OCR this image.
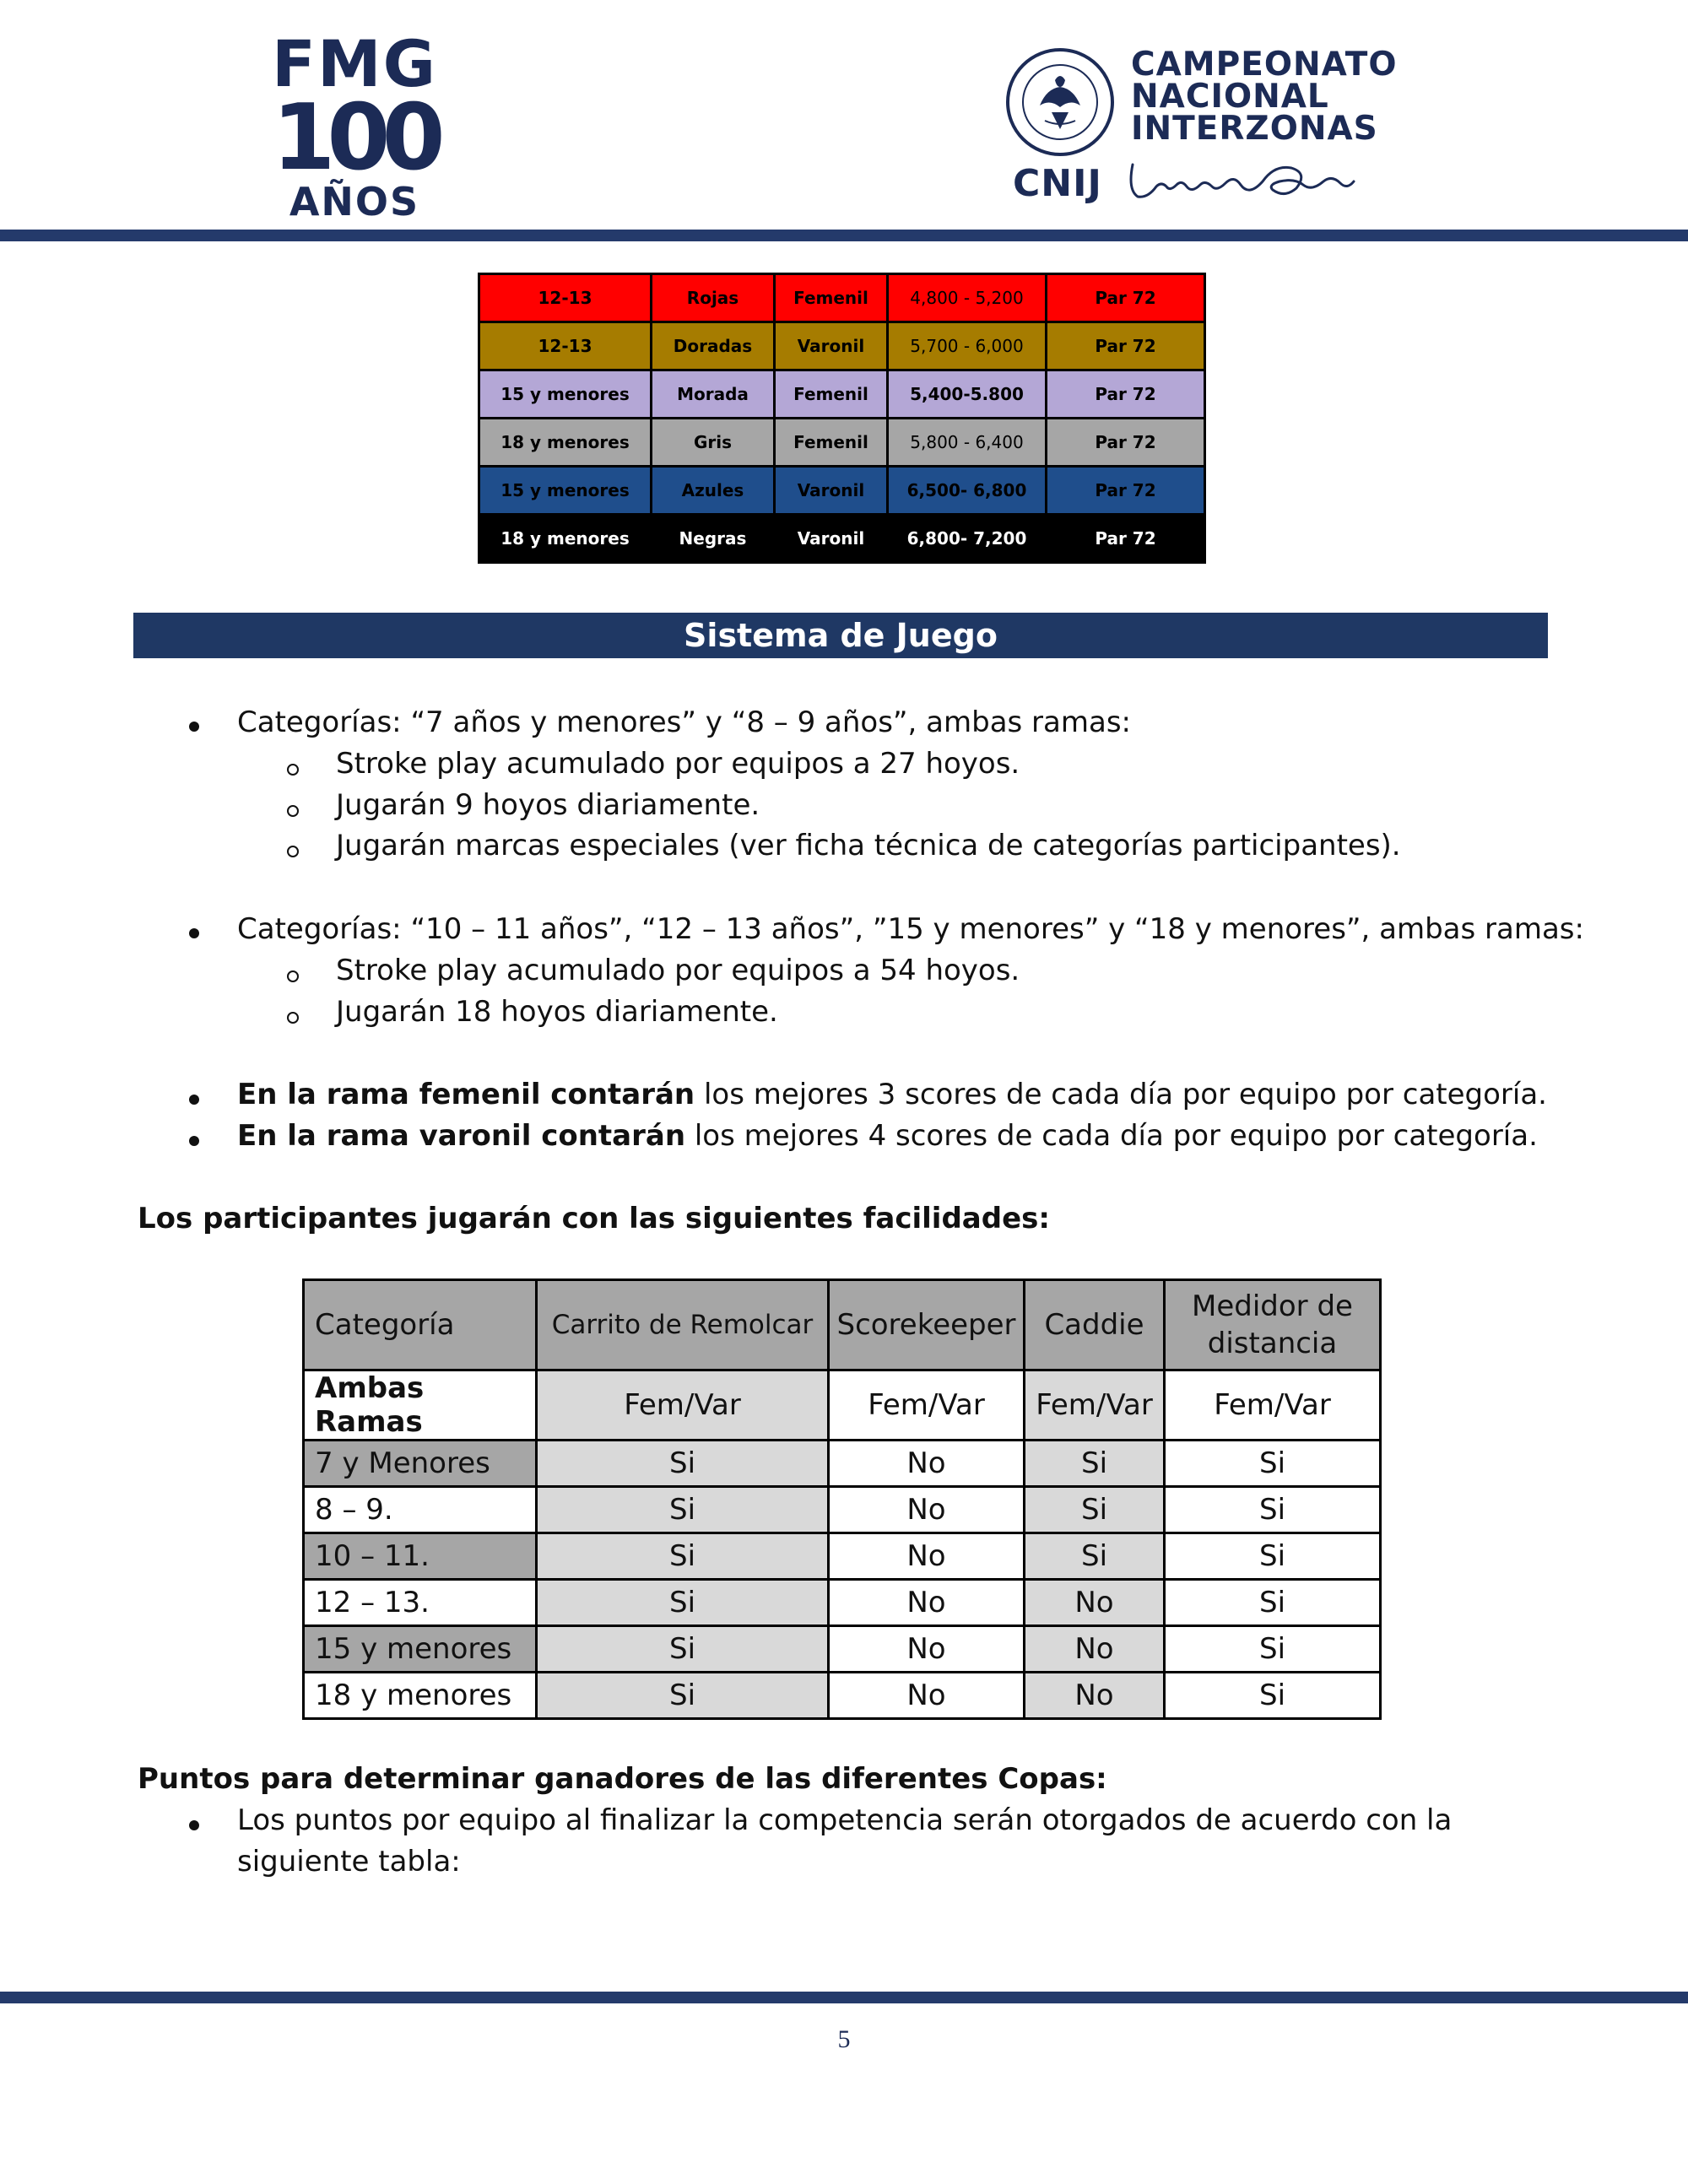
FMG
100
AÑOS
CAMPEONATO
NACIONAL
INTERZONAS
CNIJ
12-13	Rojas	Femenil	4,800 - 5,200	Par 72
12-13	Doradas	Varonil	5,700 - 6,000	Par 72
15 y menores	Morada	Femenil	5,400-5.800	Par 72
18 y menores	Gris	Femenil	5,800 - 6,400	Par 72
15 y menores	Azules	Varonil	6,500- 6,800	Par 72
18 y menores	Negras	Varonil	6,800- 7,200	Par 72
Sistema de Juego
Categorías: “7 años y menores” y “8 – 9 años”, ambas ramas:
Stroke play acumulado por equipos a 27 hoyos.
Jugarán 9 hoyos diariamente.
Jugarán marcas especiales (ver ficha técnica de categorías participantes).
Categorías: “10 – 11 años”, “12 – 13 años”, ”15 y menores” y “18 y menores”, ambas ramas:
Stroke play acumulado por equipos a 54 hoyos.
Jugarán 18 hoyos diariamente.
En la rama femenil contarán los mejores 3 scores de cada día por equipo por categoría.
En la rama varonil contarán los mejores 4 scores de cada día por equipo por categoría.
Los participantes jugarán con las siguientes facilidades:
Categoría	Carrito de Remolcar	Scorekeeper	Caddie	Medidor de distancia
Ambas Ramas	Fem/Var	Fem/Var	Fem/Var	Fem/Var
7 y Menores	Si	No	Si	Si
8 – 9.	Si	No	Si	Si
10 – 11.	Si	No	Si	Si
12 – 13.	Si	No	No	Si
15 y menores	Si	No	No	Si
18 y menores	Si	No	No	Si
Puntos para determinar ganadores de las diferentes Copas:
Los puntos por equipo al finalizar la competencia serán otorgados de acuerdo con la
siguiente tabla:
5
